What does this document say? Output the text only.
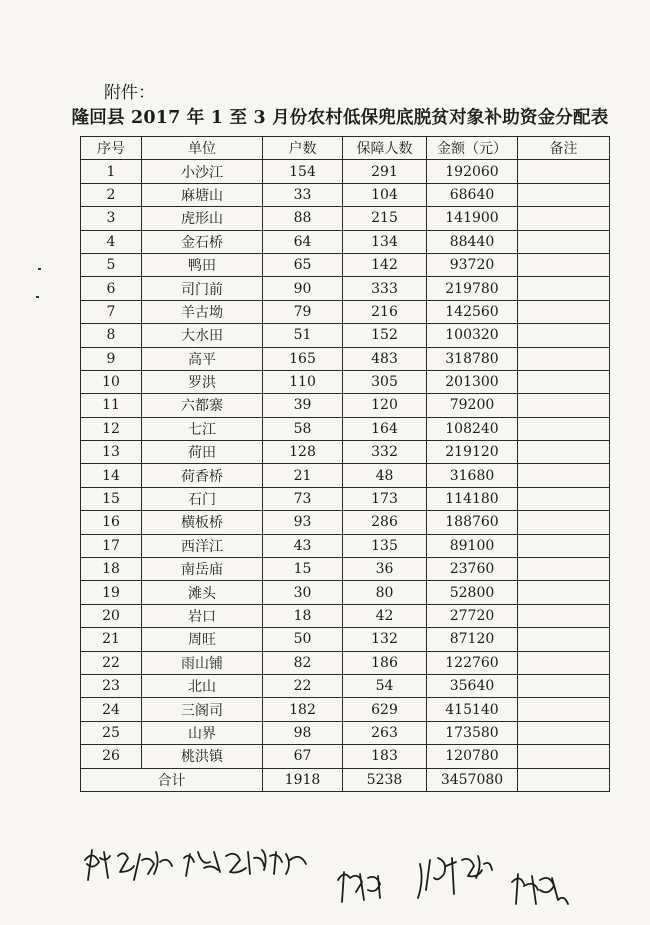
附件：
隆回县 2017 年 1 至 3 月份农村低保兜底脱贫对象补助资金分配表
序号	单位	户数	保障人数	金额（元）	备注
1	小沙江	154	291	192060	
2	麻塘山	33	104	68640	
3	虎形山	88	215	141900	
4	金石桥	64	134	88440	
5	鸭田	65	142	93720	
6	司门前	90	333	219780	
7	羊古坳	79	216	142560	
8	大水田	51	152	100320	
9	高平	165	483	318780	
10	罗洪	110	305	201300	
11	六都寨	39	120	79200	
12	七江	58	164	108240	
13	荷田	128	332	219120	
14	荷香桥	21	48	31680	
15	石门	73	173	114180	
16	横板桥	93	286	188760	
17	西洋江	43	135	89100	
18	南岳庙	15	36	23760	
19	滩头	30	80	52800	
20	岩口	18	42	27720	
21	周旺	50	132	87120	
22	雨山铺	82	186	122760	
23	北山	22	54	35640	
24	三阁司	182	629	415140	
25	山界	98	263	173580	
26	桃洪镇	67	183	120780	
合计		1918	5238	3457080	
